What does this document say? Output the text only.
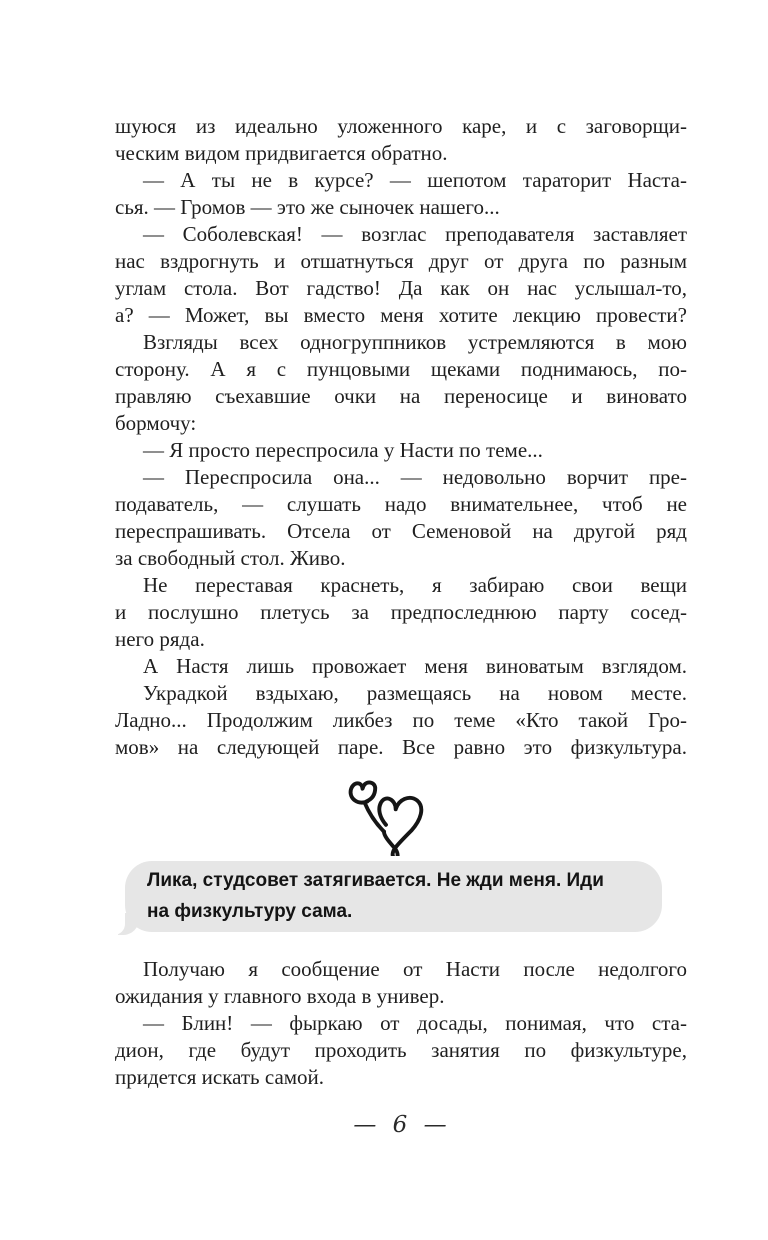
шуюся из идеально уложенного каре, и с заговорщи-
ческим видом придвигается обратно.
— А ты не в курсе? — шепотом тараторит Наста-
сья. — Громов — это же сыночек нашего...
— Соболевская! — возглас преподавателя заставляет
нас вздрогнуть и отшатнуться друг от друга по разным
углам стола. Вот гадство! Да как он нас услышал-то,
а? — Может, вы вместо меня хотите лекцию провести?
Взгляды всех одногруппников устремляются в мою
сторону. А я с пунцовыми щеками поднимаюсь, по-
правляю съехавшие очки на переносице и виновато
бормочу:
— Я просто переспросила у Насти по теме...
— Переспросила она... — недовольно ворчит пре-
подаватель, — слушать надо внимательнее, чтоб не
переспрашивать. Отсела от Семеновой на другой ряд
за свободный стол. Живо.
Не переставая краснеть, я забираю свои вещи
и послушно плетусь за предпоследнюю парту сосед-
него ряда.
А Настя лишь провожает меня виноватым взглядом.
Украдкой вздыхаю, размещаясь на новом месте.
Ладно... Продолжим ликбез по теме «Кто такой Гро-
мов» на следующей паре. Все равно это физкультура.
Лика, студсовет затягивается. Не жди меня. Иди
на физкультуру сама.
Получаю я сообщение от Насти после недолгого
ожидания у главного входа в универ.
— Блин! — фыркаю от досады, понимая, что ста-
дион, где будут проходить занятия по физкультуре,
придется искать самой.
— 6 —
